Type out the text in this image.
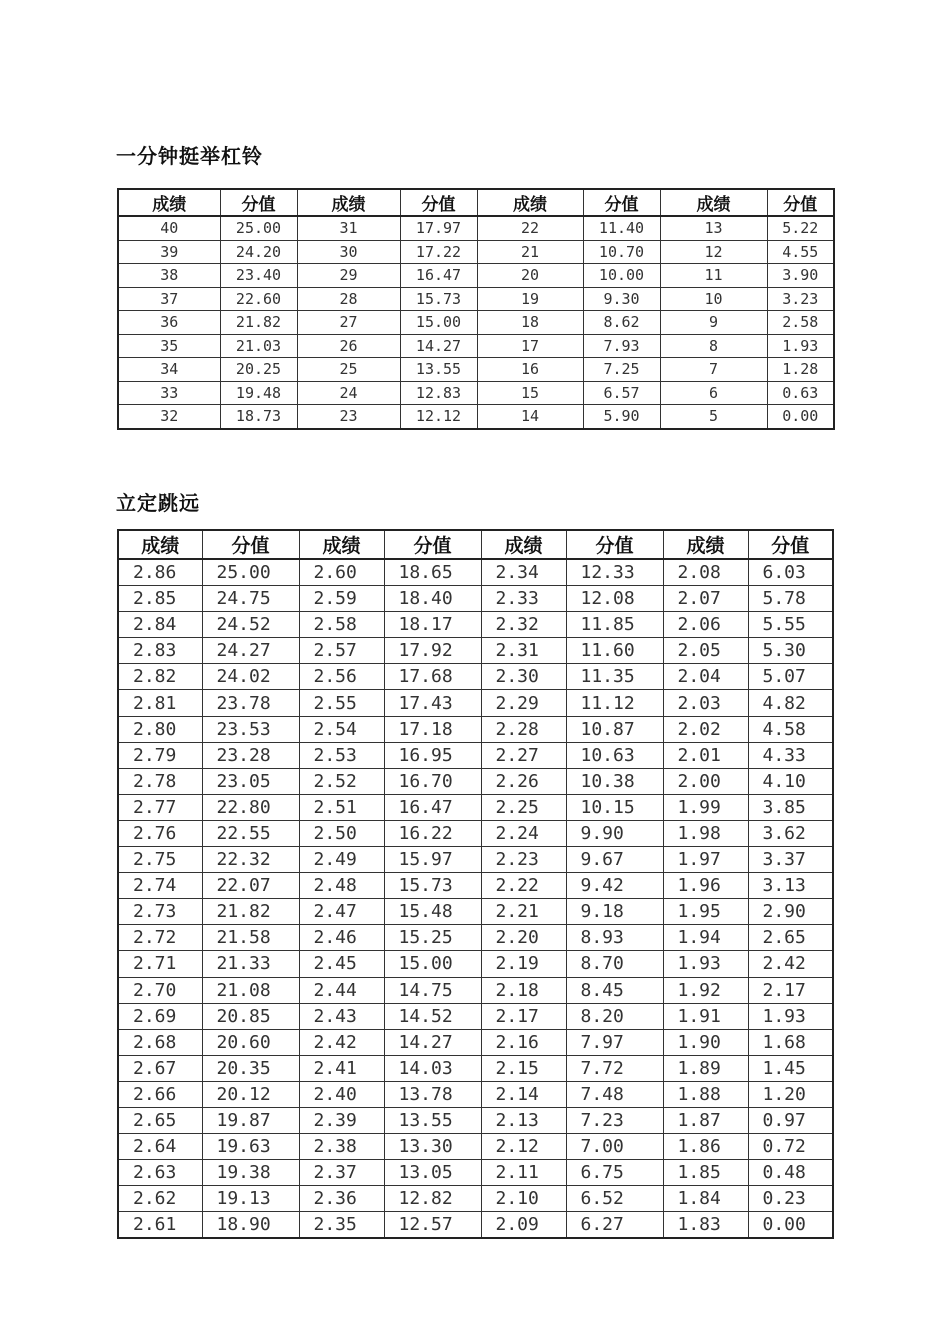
一分钟挺举杠铃
成绩	分值	成绩	分值	成绩	分值	成绩	分值
40	25.00	31	17.97	22	11.40	13	5.22
39	24.20	30	17.22	21	10.70	12	4.55
38	23.40	29	16.47	20	10.00	11	3.90
37	22.60	28	15.73	19	9.30	10	3.23
36	21.82	27	15.00	18	8.62	9	2.58
35	21.03	26	14.27	17	7.93	8	1.93
34	20.25	25	13.55	16	7.25	7	1.28
33	19.48	24	12.83	15	6.57	6	0.63
32	18.73	23	12.12	14	5.90	5	0.00
立定跳远
成绩	分值	成绩	分值	成绩	分值	成绩	分值
2.86	25.00	2.60	18.65	2.34	12.33	2.08	6.03
2.85	24.75	2.59	18.40	2.33	12.08	2.07	5.78
2.84	24.52	2.58	18.17	2.32	11.85	2.06	5.55
2.83	24.27	2.57	17.92	2.31	11.60	2.05	5.30
2.82	24.02	2.56	17.68	2.30	11.35	2.04	5.07
2.81	23.78	2.55	17.43	2.29	11.12	2.03	4.82
2.80	23.53	2.54	17.18	2.28	10.87	2.02	4.58
2.79	23.28	2.53	16.95	2.27	10.63	2.01	4.33
2.78	23.05	2.52	16.70	2.26	10.38	2.00	4.10
2.77	22.80	2.51	16.47	2.25	10.15	1.99	3.85
2.76	22.55	2.50	16.22	2.24	9.90	1.98	3.62
2.75	22.32	2.49	15.97	2.23	9.67	1.97	3.37
2.74	22.07	2.48	15.73	2.22	9.42	1.96	3.13
2.73	21.82	2.47	15.48	2.21	9.18	1.95	2.90
2.72	21.58	2.46	15.25	2.20	8.93	1.94	2.65
2.71	21.33	2.45	15.00	2.19	8.70	1.93	2.42
2.70	21.08	2.44	14.75	2.18	8.45	1.92	2.17
2.69	20.85	2.43	14.52	2.17	8.20	1.91	1.93
2.68	20.60	2.42	14.27	2.16	7.97	1.90	1.68
2.67	20.35	2.41	14.03	2.15	7.72	1.89	1.45
2.66	20.12	2.40	13.78	2.14	7.48	1.88	1.20
2.65	19.87	2.39	13.55	2.13	7.23	1.87	0.97
2.64	19.63	2.38	13.30	2.12	7.00	1.86	0.72
2.63	19.38	2.37	13.05	2.11	6.75	1.85	0.48
2.62	19.13	2.36	12.82	2.10	6.52	1.84	0.23
2.61	18.90	2.35	12.57	2.09	6.27	1.83	0.00
